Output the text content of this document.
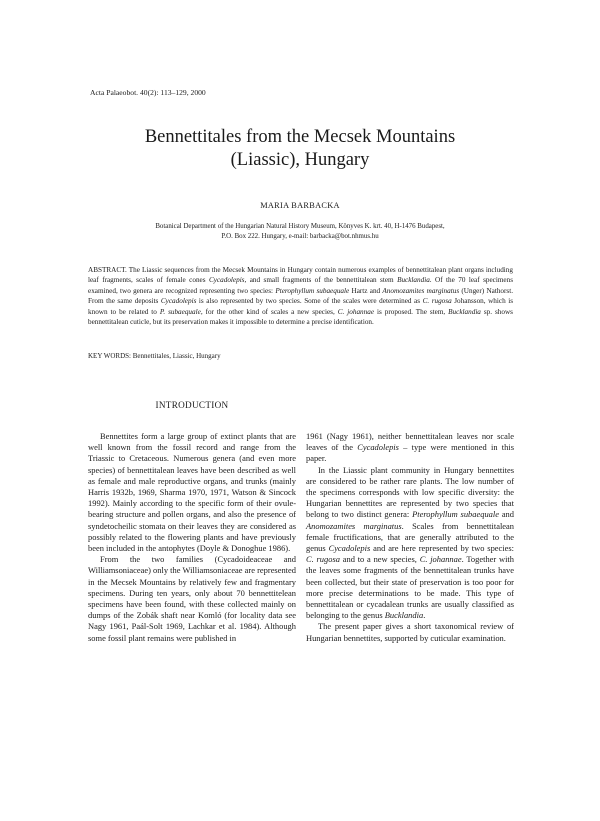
Acta Palaeobot. 40(2): 113–129, 2000
Bennettitales from the Mecsek Mountains
(Liassic), Hungary
MARIA BARBACKA
Botanical Department of the Hungarian Natural History Museum, Könyves K. krt. 40, H-1476 Budapest,
P.O. Box 222. Hungary, e-mail: barbacka@bot.nhmus.hu
ABSTRACT. The Liassic sequences from the Mecsek Mountains in Hungary contain numerous examples of bennettitalean plant organs including leaf fragments, scales of female cones Cycadolepis, and small fragments of the bennettitalean stem Bucklandia. Of the 70 leaf specimens examined, two genera are recognized representing two species: Pterophyllum subaequale Hartz and Anomozamites marginatus (Unger) Nathorst. From the same deposits Cycadolepis is also represented by two species. Some of the scales were determined as C. rugosa Johansson, which is known to be related to P. subaequale, for the other kind of scales a new species, C. johannae is proposed. The stem, Bucklandia sp. shows bennettitalean cuticle, but its preservation makes it impossible to determine a precise identification.
KEY WORDS: Bennettitales, Liassic, Hungary
INTRODUCTION

Bennettites form a large group of extinct plants that are well known from the fossil record and range from the Triassic to Cretaceous. Numerous genera (and even more species) of bennettitalean leaves have been described as well as female and male reproductive organs, and trunks (mainly Harris 1932b, 1969, Sharma 1970, 1971, Watson & Sincock 1992). Mainly according to the specific form of their ovule-bearing structure and pollen organs, and also the presence of syndetocheilic stomata on their leaves they are considered as possibly related to the flowering plants and have previously been included in the antophytes (Doyle & Donoghue 1986).

From the two families (Cycadoideaceae and Williamsoniaceae) only the Williamsoniaceae are represented in the Mecsek Mountains by relatively few and fragmentary specimens. During ten years, only about 70 bennettitelean specimens have been found, with these collected mainly on dumps of the Zobák shaft near Komló (for locality data see Nagy 1961, Paál-Solt 1969, Lachkar et al. 1984). Although some fossil plant remains were published in

1961 (Nagy 1961), neither bennettitalean leaves nor scale leaves of the Cycadolepis – type were mentioned in this paper.

In the Liassic plant community in Hungary bennettites are considered to be rather rare plants. The low number of the specimens corresponds with low specific diversity: the Hungarian bennettites are represented by two species that belong to two distinct genera: Pterophyllum subaequale and Anomozamites marginatus. Scales from bennettitalean female fructifications, that are generally attributed to the genus Cycadolepis and are here represented by two species: C. rugosa and to a new species, C. johannae. Together with the leaves some fragments of the bennettitalean trunks have been collected, but their state of preservation is too poor for more precise determinations to be made. This type of bennettitalean or cycadalean trunks are usually classified as belonging to the genus Bucklandia.

The present paper gives a short taxonomical review of Hungarian bennettites, supported by cuticular examination.
